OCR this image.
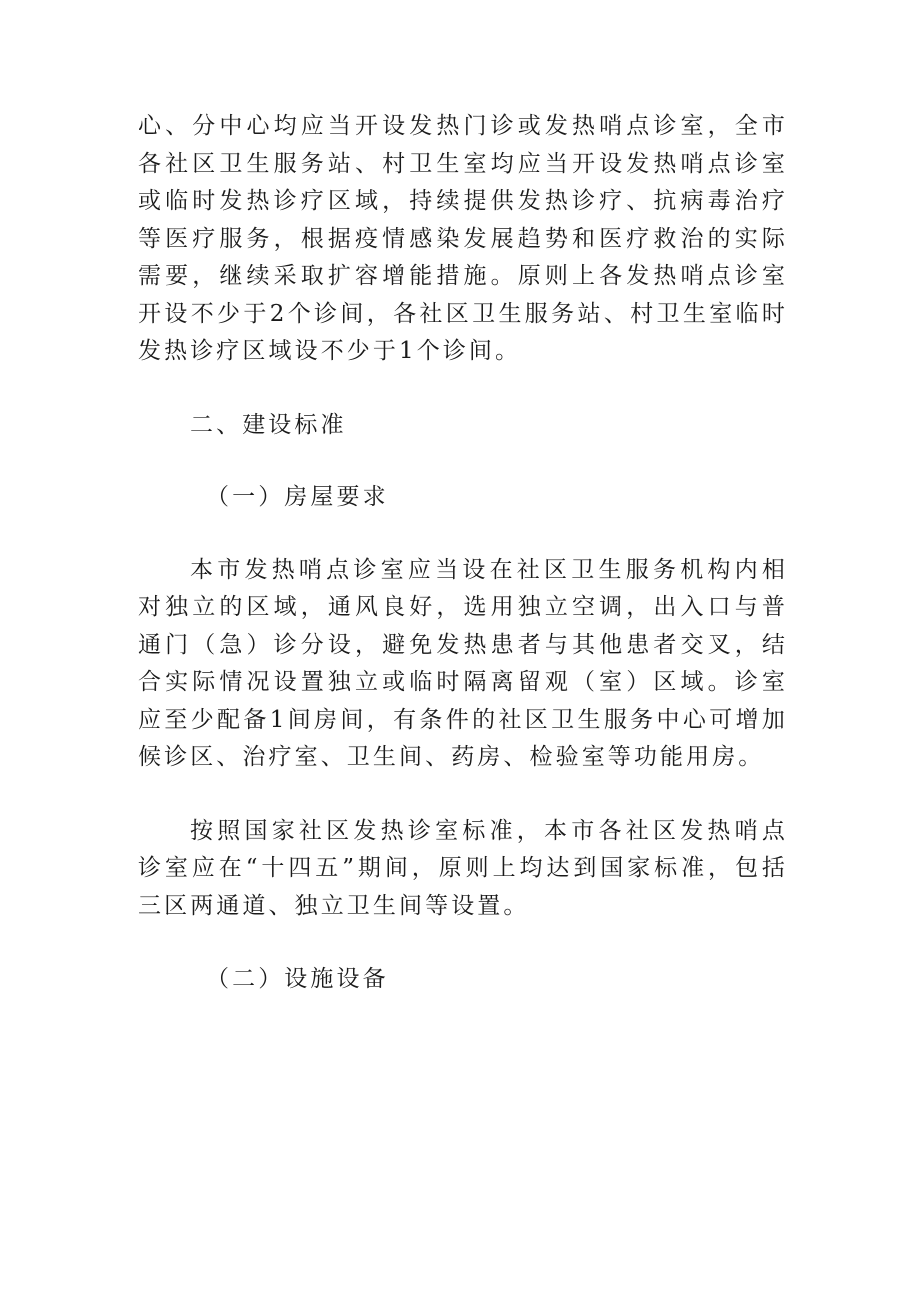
心、分中心均应当开设发热门诊或发热哨点诊室，全市各社区卫生服务站、村卫生室均应当开设发热哨点诊室或临时发热诊疗区域，持续提供发热诊疗、抗病毒治疗等医疗服务，根据疫情感染发展趋势和医疗救治的实际需要，继续采取扩容增能措施。原则上各发热哨点诊室开设不少于2个诊间，各社区卫生服务站、村卫生室临时发热诊疗区域设不少于1个诊间。

二、建设标准

（一）房屋要求

本市发热哨点诊室应当设在社区卫生服务机构内相对独立的区域，通风良好，选用独立空调，出入口与普通门（急）诊分设，避免发热患者与其他患者交叉，结合实际情况设置独立或临时隔离留观（室）区域。诊室应至少配备1间房间，有条件的社区卫生服务中心可增加候诊区、治疗室、卫生间、药房、检验室等功能用房。

按照国家社区发热诊室标准，本市各社区发热哨点诊室应在“十四五”期间，原则上均达到国家标准，包括三区两通道、独立卫生间等设置。

（二）设施设备
